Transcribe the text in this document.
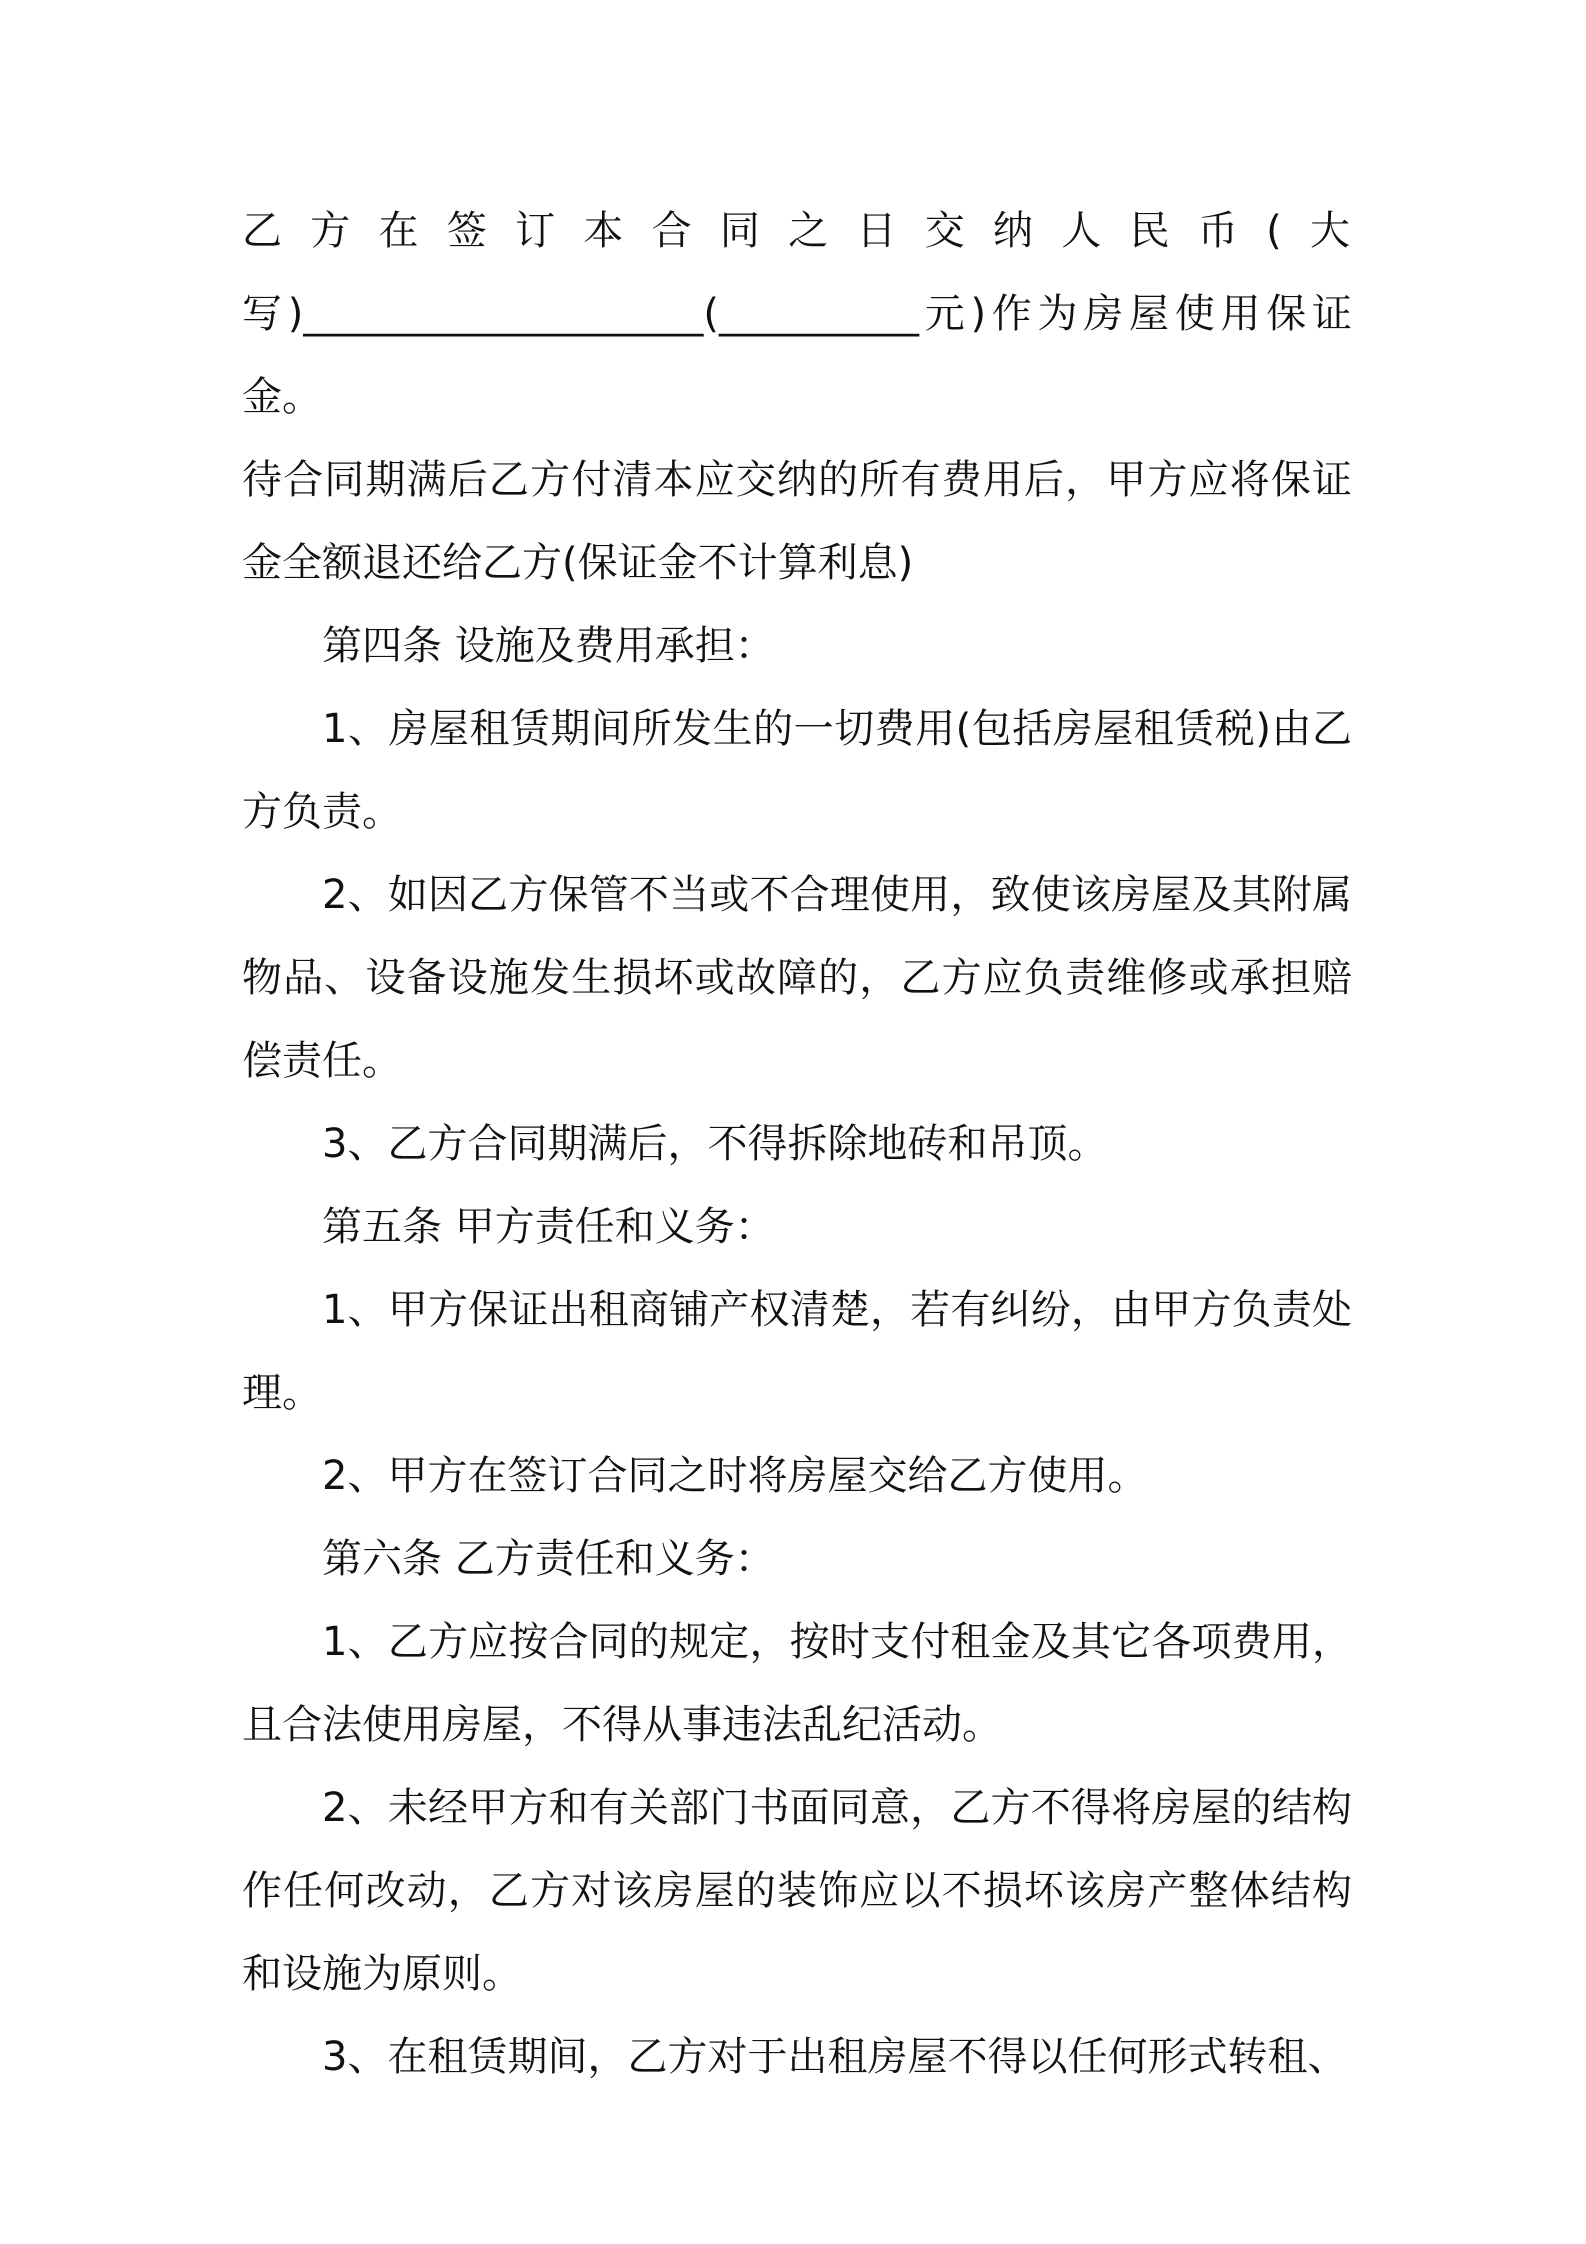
乙方在签订本合同之日交纳人民币(大

写)____________________(__________元)作为房屋使用保证金。

待合同期满后乙方付清本应交纳的所有费用后，甲方应将保证金全额退还给乙方(保证金不计算利息)

第四条 设施及费用承担：

1、房屋租赁期间所发生的一切费用(包括房屋租赁税)由乙方负责。

2、如因乙方保管不当或不合理使用，致使该房屋及其附属物品、设备设施发生损坏或故障的，乙方应负责维修或承担赔偿责任。

3、乙方合同期满后，不得拆除地砖和吊顶。

第五条 甲方责任和义务：

1、甲方保证出租商铺产权清楚，若有纠纷，由甲方负责处理。

2、甲方在签订合同之时将房屋交给乙方使用。

第六条 乙方责任和义务：

1、乙方应按合同的规定，按时支付租金及其它各项费用，且合法使用房屋，不得从事违法乱纪活动。

2、未经甲方和有关部门书面同意，乙方不得将房屋的结构作任何改动，乙方对该房屋的装饰应以不损坏该房产整体结构和设施为原则。

3、在租赁期间，乙方对于出租房屋不得以任何形式转租、
